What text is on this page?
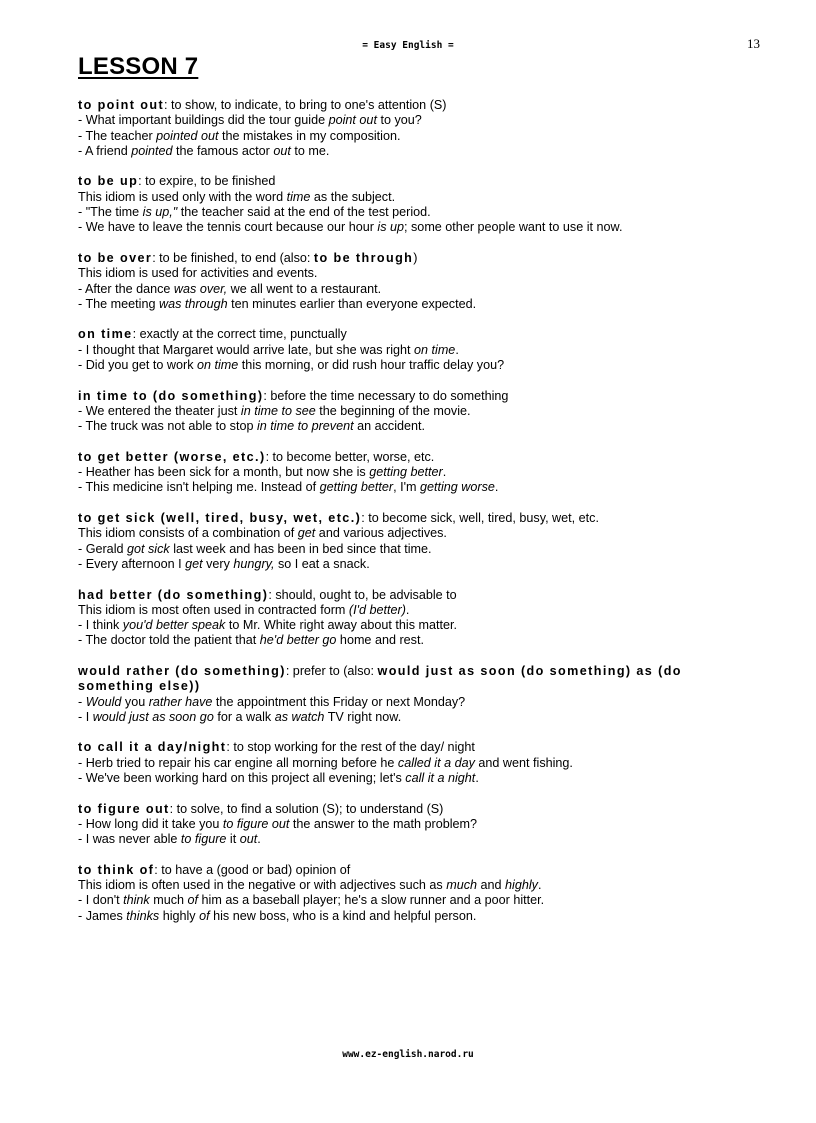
= Easy English =	13
LESSON 7
to point out: to show, to indicate, to bring to one's attention (S)
- What important buildings did the tour guide point out to you?
- The teacher pointed out the mistakes in my composition.
- A friend pointed the famous actor out to me.
to be up: to expire, to be finished
This idiom is used only with the word time as the subject.
- "The time is up," the teacher said at the end of the test period.
- We have to leave the tennis court because our hour is up; some other people want to use it now.
to be over: to be finished, to end (also: to be through)
This idiom is used for activities and events.
- After the dance was over, we all went to a restaurant.
- The meeting was through ten minutes earlier than everyone expected.
on time: exactly at the correct time, punctually
- I thought that Margaret would arrive late, but she was right on time.
- Did you get to work on time this morning, or did rush hour traffic delay you?
in time to (do something): before the time necessary to do something
- We entered the theater just in time to see the beginning of the movie.
- The truck was not able to stop in time to prevent an accident.
to get better (worse, etc.): to become better, worse, etc.
- Heather has been sick for a month, but now she is getting better.
- This medicine isn't helping me. Instead of getting better, I'm getting worse.
to get sick (well, tired, busy, wet, etc.): to become sick, well, tired, busy, wet, etc.
This idiom consists of a combination of get and various adjectives.
- Gerald got sick last week and has been in bed since that time.
- Every afternoon I get very hungry, so I eat a snack.
had better (do something): should, ought to, be advisable to
This idiom is most often used in contracted form (I'd better).
- I think you'd better speak to Mr. White right away about this matter.
- The doctor told the patient that he'd better go home and rest.
would rather (do something): prefer to (also: would just as soon (do something) as (do something else))
- Would you rather have the appointment this Friday or next Monday?
- I would just as soon go for a walk as watch TV right now.
to call it a day/night: to stop working for the rest of the day/ night
- Herb tried to repair his car engine all morning before he called it a day and went fishing.
- We've been working hard on this project all evening; let's call it a night.
to figure out: to solve, to find a solution (S); to understand (S)
- How long did it take you to figure out the answer to the math problem?
- I was never able to figure it out.
to think of: to have a (good or bad) opinion of
This idiom is often used in the negative or with adjectives such as much and highly.
- I don't think much of him as a baseball player; he's a slow runner and a poor hitter.
- James thinks highly of his new boss, who is a kind and helpful person.
www.ez-english.narod.ru
